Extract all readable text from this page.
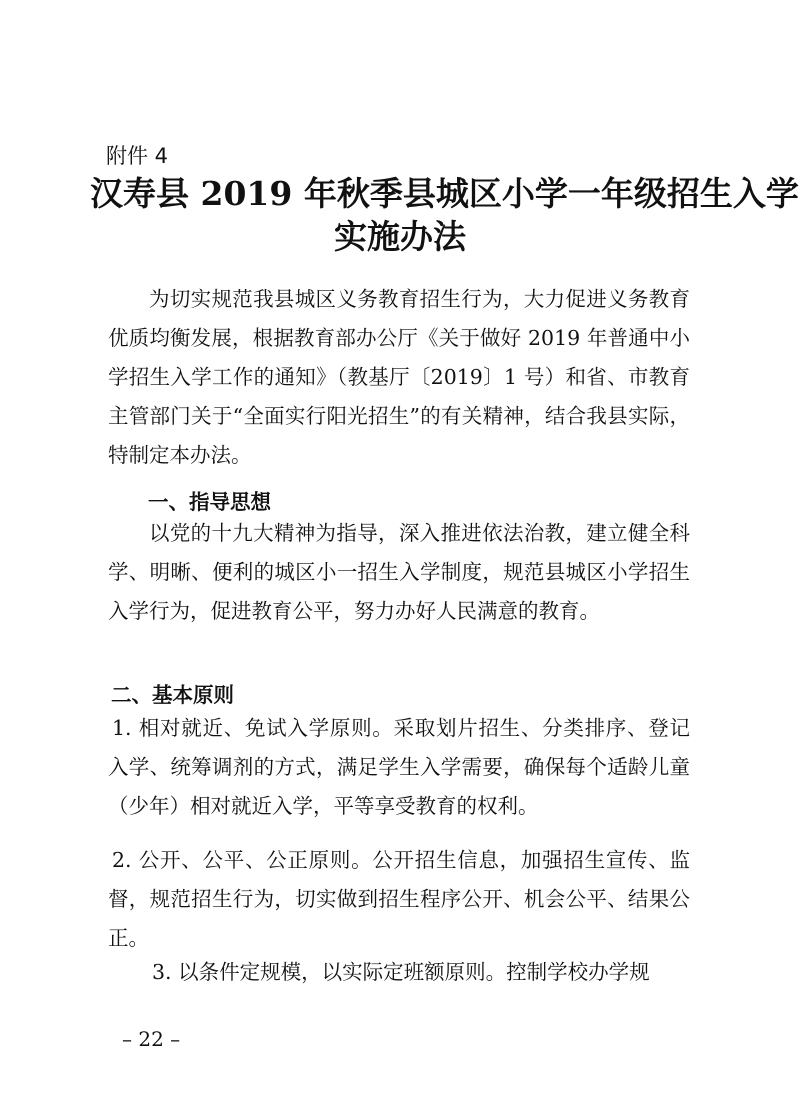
附件 4
汉寿县 2019 年秋季县城区小学一年级招生入学
实施办法

为切实规范我县城区义务教育招生行为，大力促进义务教育优质均衡发展，根据教育部办公厅《关于做好 2019 年普通中小学招生入学工作的通知》（教基厅〔2019〕1 号）和省、市教育主管部门关于“全面实行阳光招生”的有关精神，结合我县实际，特制定本办法。

一、指导思想

以党的十九大精神为指导，深入推进依法治教，建立健全科学、明晰、便利的城区小一招生入学制度，规范县城区小学招生入学行为，促进教育公平，努力办好人民满意的教育。

二、基本原则

1. 相对就近、免试入学原则。采取划片招生、分类排序、登记入学、统筹调剂的方式，满足学生入学需要，确保每个适龄儿童（少年）相对就近入学，平等享受教育的权利。

2. 公开、公平、公正原则。公开招生信息，加强招生宣传、监督，规范招生行为，切实做到招生程序公开、机会公平、结果公正。

3. 以条件定规模，以实际定班额原则。控制学校办学规

– 22 –
